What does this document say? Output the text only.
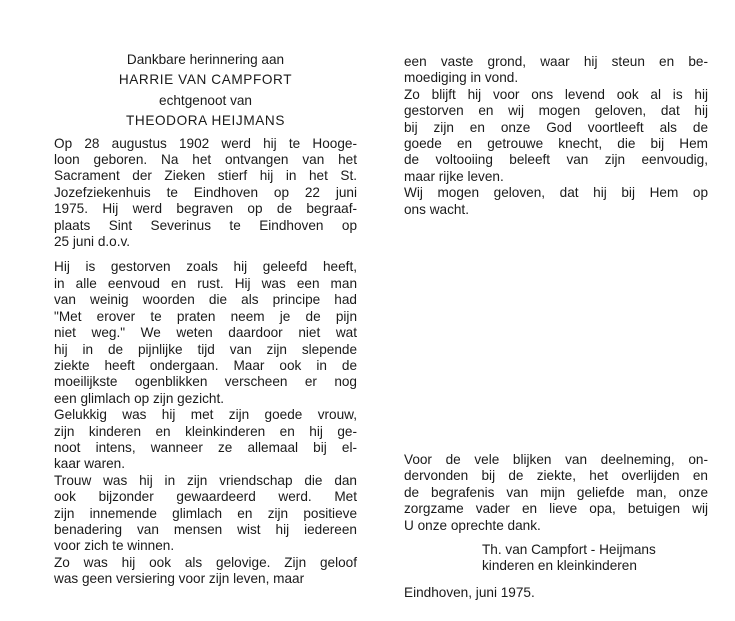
Dankbare herinnering aan
HARRIE VAN CAMPFORT
echtgenoot van
THEODORA HEIJMANS
Op 28 augustus 1902 werd hij te Hooge-
loon geboren. Na het ontvangen van het
Sacrament der Zieken stierf hij in het St.
Jozefziekenhuis te Eindhoven op 22 juni
1975. Hij werd begraven op de begraaf-
plaats Sint Severinus te Eindhoven op
25 juni d.o.v.
Hij is gestorven zoals hij geleefd heeft,
in alle eenvoud en rust. Hij was een man
van weinig woorden die als principe had
"Met erover te praten neem je de pijn
niet weg." We weten daardoor niet wat
hij in de pijnlijke tijd van zijn slepende
ziekte heeft ondergaan. Maar ook in de
moeilijkste ogenblikken verscheen er nog
een glimlach op zijn gezicht.
Gelukkig was hij met zijn goede vrouw,
zijn kinderen en kleinkinderen en hij ge-
noot intens, wanneer ze allemaal bij el-
kaar waren.
Trouw was hij in zijn vriendschap die dan
ook bijzonder gewaardeerd werd. Met
zijn innemende glimlach en zijn positieve
benadering van mensen wist hij iedereen
voor zich te winnen.
Zo was hij ook als gelovige. Zijn geloof
was geen versiering voor zijn leven, maar
een vaste grond, waar hij steun en be-
moediging in vond.
Zo blijft hij voor ons levend ook al is hij
gestorven en wij mogen geloven, dat hij
bij zijn en onze God voortleeft als de
goede en getrouwe knecht, die bij Hem
de voltooiing beleeft van zijn eenvoudig,
maar rijke leven.
Wij mogen geloven, dat hij bij Hem op
ons wacht.
Voor de vele blijken van deelneming, on-
dervonden bij de ziekte, het overlijden en
de begrafenis van mijn geliefde man, onze
zorgzame vader en lieve opa, betuigen wij
U onze oprechte dank.
Th. van Campfort - Heijmans
kinderen en kleinkinderen
Eindhoven, juni 1975.
